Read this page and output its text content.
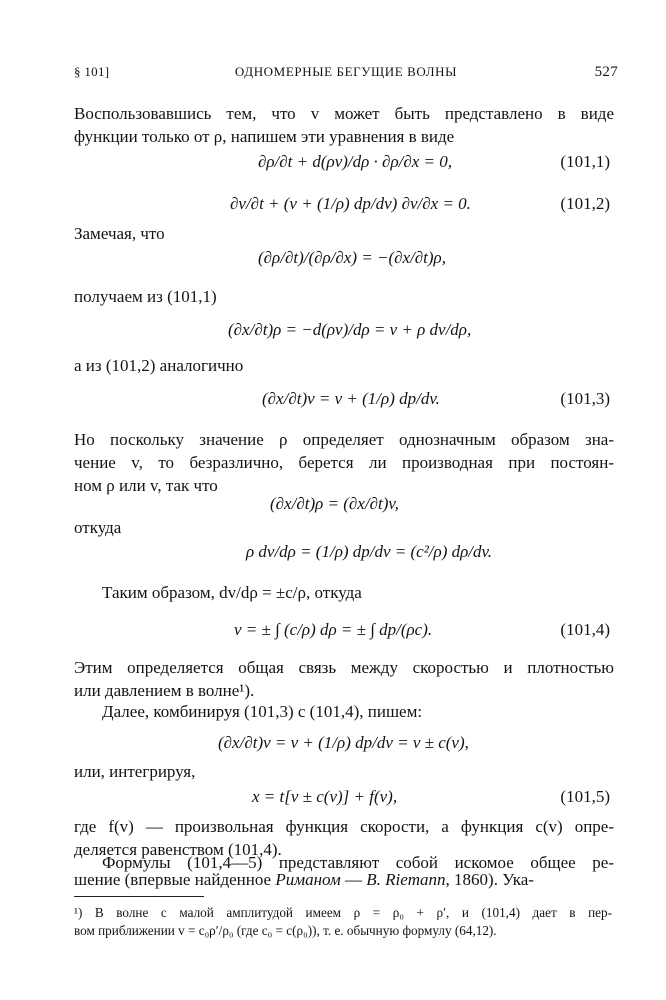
§ 101]	ОДНОМЕРНЫЕ БЕГУЩИЕ ВОЛНЫ	527
Воспользовавшись тем, что v может быть представлено в виде
функции только от ρ, напишем эти уравнения в виде
∂ρ/∂t + d(ρv)/dρ · ∂ρ/∂x = 0,	(101,1)
∂v/∂t + (v + (1/ρ) dp/dv) ∂v/∂x = 0.	(101,2)
Замечая, что
(∂ρ/∂t)/(∂ρ/∂x) = −(∂x/∂t)ρ,
получаем из (101,1)
(∂x/∂t)ρ = −d(ρv)/dρ = v + ρ dv/dρ,
а из (101,2) аналогично
(∂x/∂t)v = v + (1/ρ) dp/dv.	(101,3)
Но поскольку значение ρ определяет однозначным образом зна-
чение v, то безразлично, берется ли производная при постоян-
ном ρ или v, так что
(∂x/∂t)ρ = (∂x/∂t)v,
откуда
ρ dv/dρ = (1/ρ) dp/dv = (c²/ρ) dρ/dv.
Таким образом, dv/dρ = ±c/ρ, откуда
v = ± ∫ (c/ρ) dρ = ± ∫ dp/(ρc).	(101,4)
Этим определяется общая связь между скоростью и плотностью
или давлением в волне¹).
Далее, комбинируя (101,3) с (101,4), пишем:
(∂x/∂t)v = v + (1/ρ) dp/dv = v ± c(v),
или, интегрируя,
x = t[v ± c(v)] + f(v),	(101,5)
где f(v) — произвольная функция скорости, а функция c(v) опре-
деляется равенством (101,4).
Формулы (101,4—5) представляют собой искомое общее ре-
шение (впервые найденное Риманом — B. Riemann, 1860). Ука-
¹) В волне с малой амплитудой имеем ρ = ρ₀ + ρ′, и (101,4) дает в пер-
вом приближении v = c₀ρ′/ρ₀ (где c₀ = c(ρ₀)), т. е. обычную формулу (64,12).
